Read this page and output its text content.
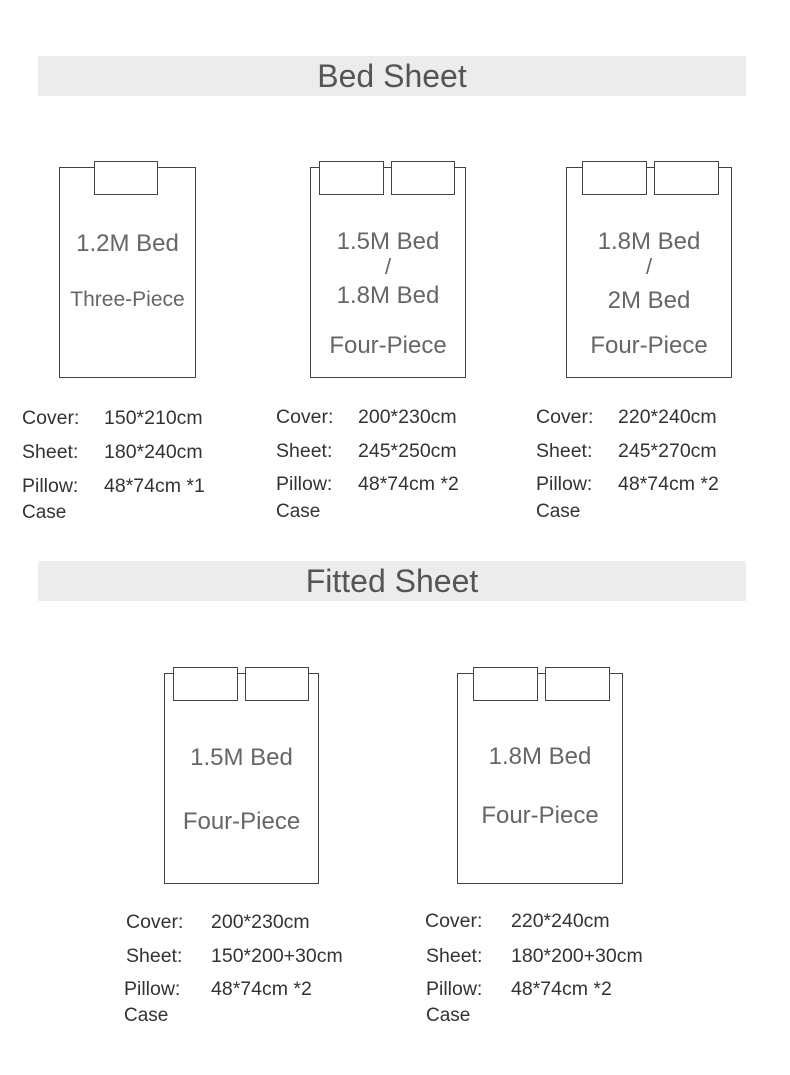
Bed Sheet
1.2M Bed
Three-Piece
1.5M Bed
/
1.8M Bed
Four-Piece
1.8M Bed
/
2M Bed
Four-Piece
Cover: 150*210cm
Sheet: 180*240cm
Pillow: 48*74cm *1
Case
Cover: 200*230cm
Sheet: 245*250cm
Pillow: 48*74cm *2
Case
Cover: 220*240cm
Sheet: 245*270cm
Pillow: 48*74cm *2
Case
Fitted Sheet
1.5M Bed
Four-Piece
1.8M Bed
Four-Piece
Cover: 200*230cm
Sheet: 150*200+30cm
Pillow: 48*74cm *2
Case
Cover: 220*240cm
Sheet: 180*200+30cm
Pillow: 48*74cm *2
Case
